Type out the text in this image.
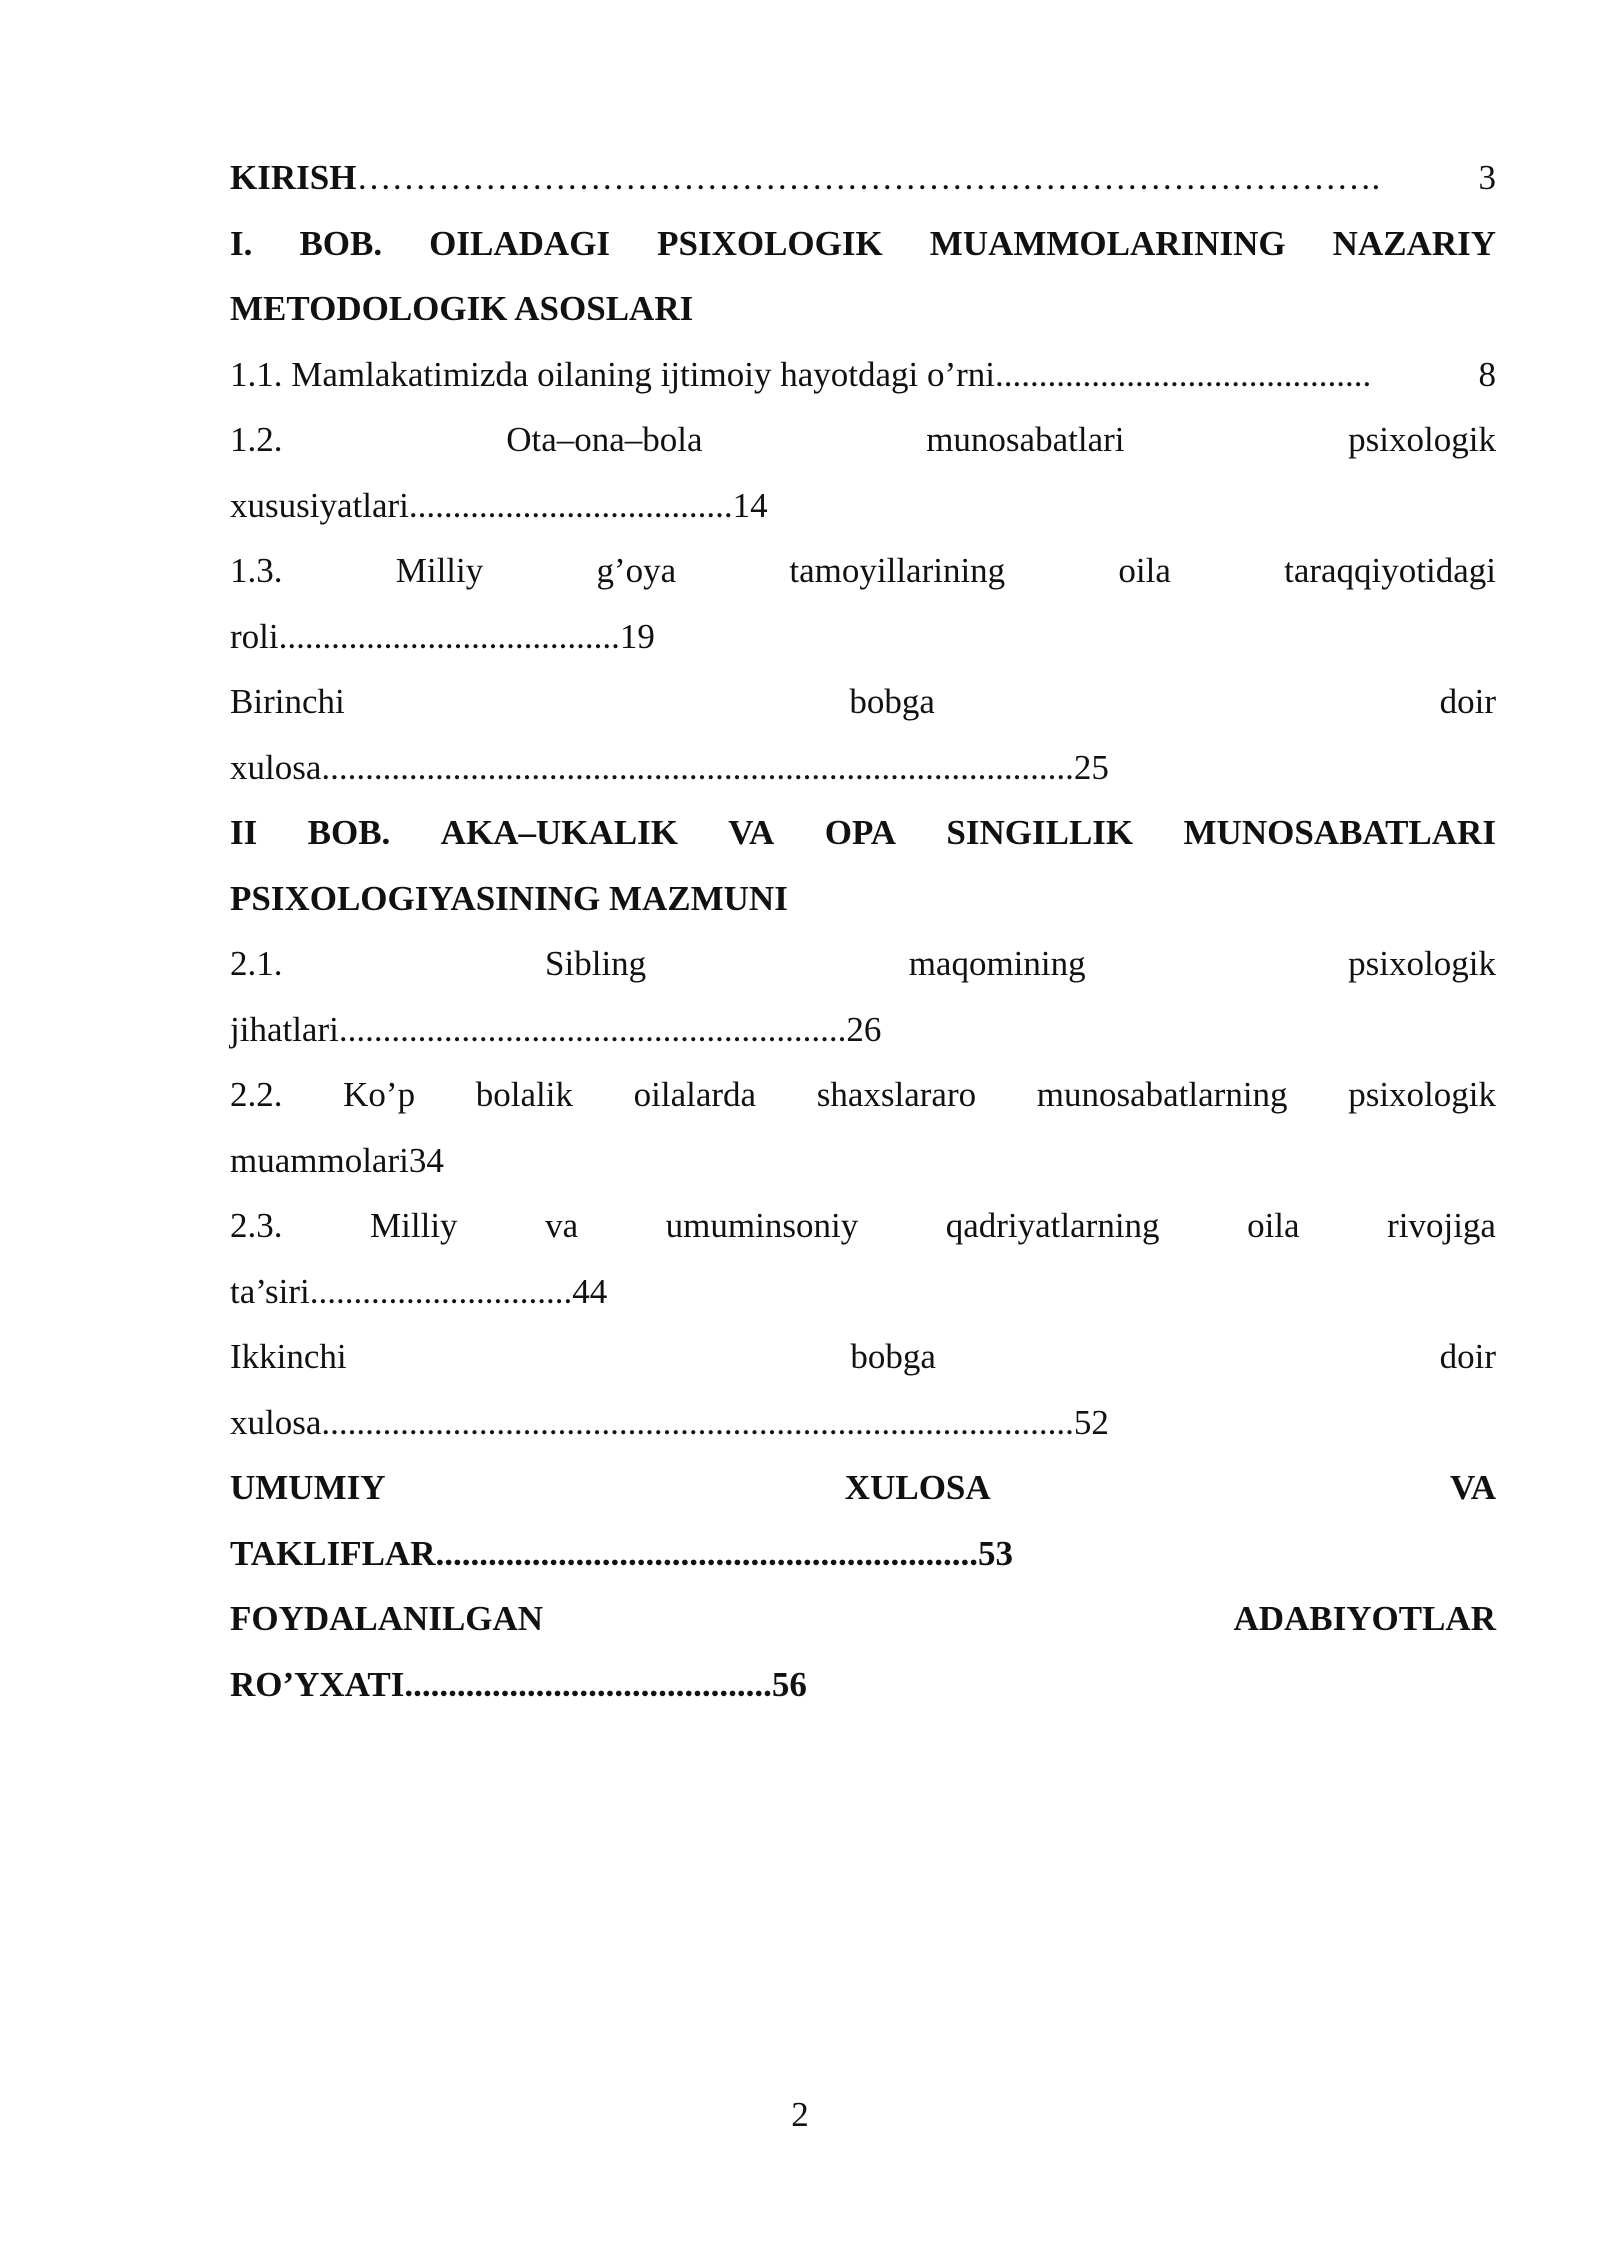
KIRISH …………………………………………………………………………….	3
I. BOB. OILADAGI PSIXOLOGIK MUAMMOLARINING NAZARIY
METODOLOGIK ASOSLARI
1.1. Mamlakatimizda oilaning ijtimoiy hayotdagi o’rni ...........................................	8
1.2.	Ota–ona–bola	munosabatlari	psixologik
xususiyatlari.....................................14
1.3.	Milliy	g’oya	tamoyillarining	oila	taraqqiyotidagi
roli.......................................19
Birinchi	bobga	doir
xulosa......................................................................................25
II BOB. AKA–UKALIK VA OPA SINGILLIK MUNOSABATLARI
PSIXOLOGIYASINING MAZMUNI
2.1.	Sibling	maqomining	psixologik
jihatlari..........................................................26
2.2. Ko’p bolalik oilalarda shaxslararo munosabatlarning psixologik
muammolari34
2.3.	Milliy	va	umuminsoniy	qadriyatlarning	oila	rivojiga
ta’siri..............................44
Ikkinchi	bobga	doir
xulosa......................................................................................52
UMUMIY	XULOSA	VA
TAKLIFLAR..............................................................53
FOYDALANILGAN	ADABIYOTLAR
RO’YXATI..........................................56
2
